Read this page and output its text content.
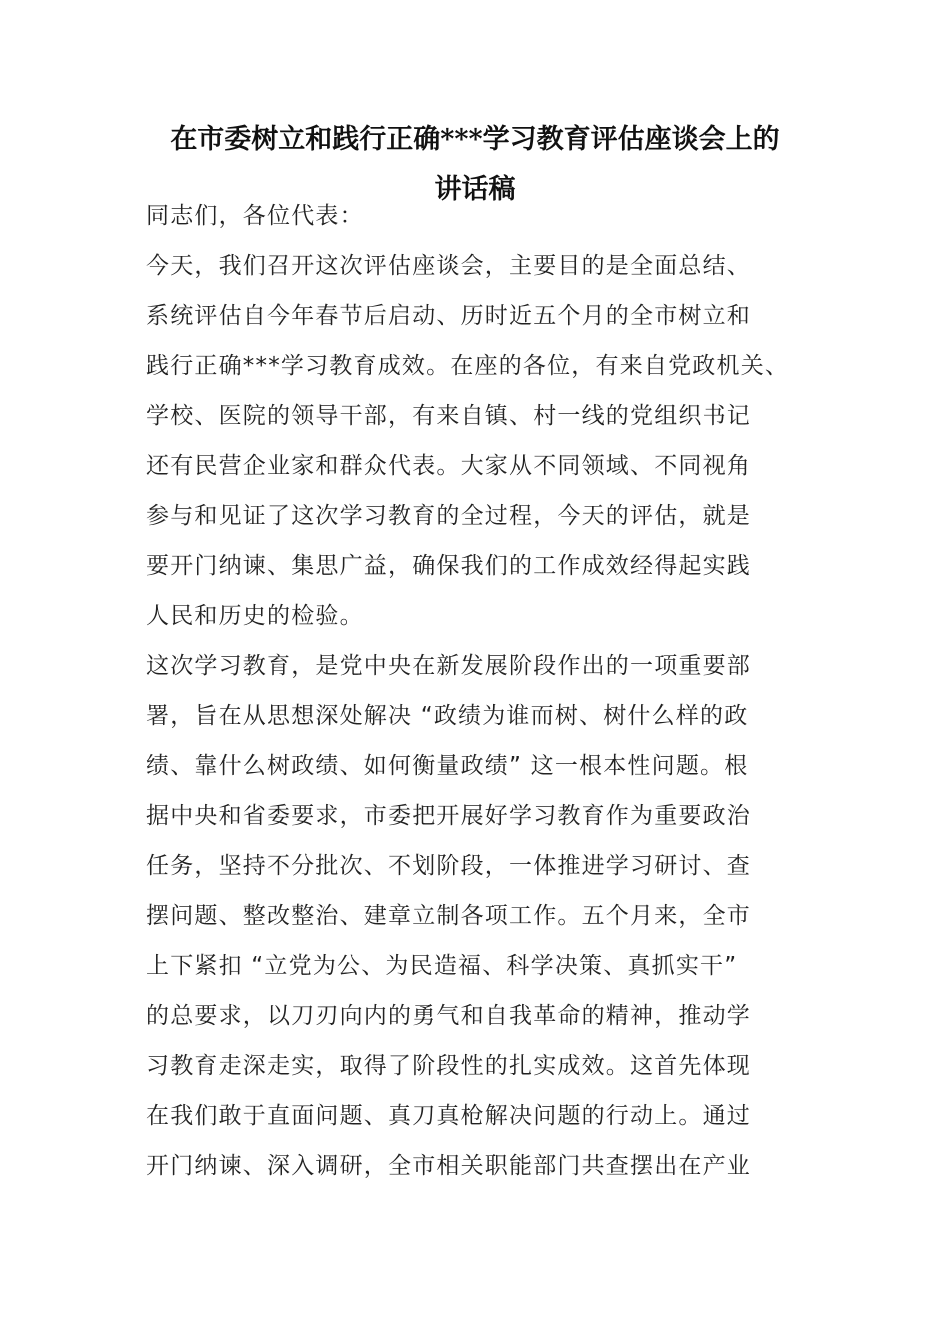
在市委树立和践行正确***学习教育评估座谈会上的
讲话稿

同志们，各位代表：

今天，我们召开这次评估座谈会，主要目的是全面总结、

系统评估自今年春节后启动、历时近五个月的全市树立和

践行正确***学习教育成效。在座的各位，有来自党政机关、

学校、医院的领导干部，有来自镇、村一线的党组织书记

还有民营企业家和群众代表。大家从不同领域、不同视角

参与和见证了这次学习教育的全过程，今天的评估，就是

要开门纳谏、集思广益，确保我们的工作成效经得起实践

人民和历史的检验。

这次学习教育，是党中央在新发展阶段作出的一项重要部

署，旨在从思想深处解决 “政绩为谁而树、树什么样的政

绩、靠什么树政绩、如何衡量政绩” 这一根本性问题。根

据中央和省委要求，市委把开展好学习教育作为重要政治

任务，坚持不分批次、不划阶段，一体推进学习研讨、查

摆问题、整改整治、建章立制各项工作。五个月来，全市

上下紧扣 “立党为公、为民造福、科学决策、真抓实干”

的总要求，以刀刃向内的勇气和自我革命的精神，推动学

习教育走深走实，取得了阶段性的扎实成效。这首先体现

在我们敢于直面问题、真刀真枪解决问题的行动上。通过

开门纳谏、深入调研，全市相关职能部门共查摆出在产业
